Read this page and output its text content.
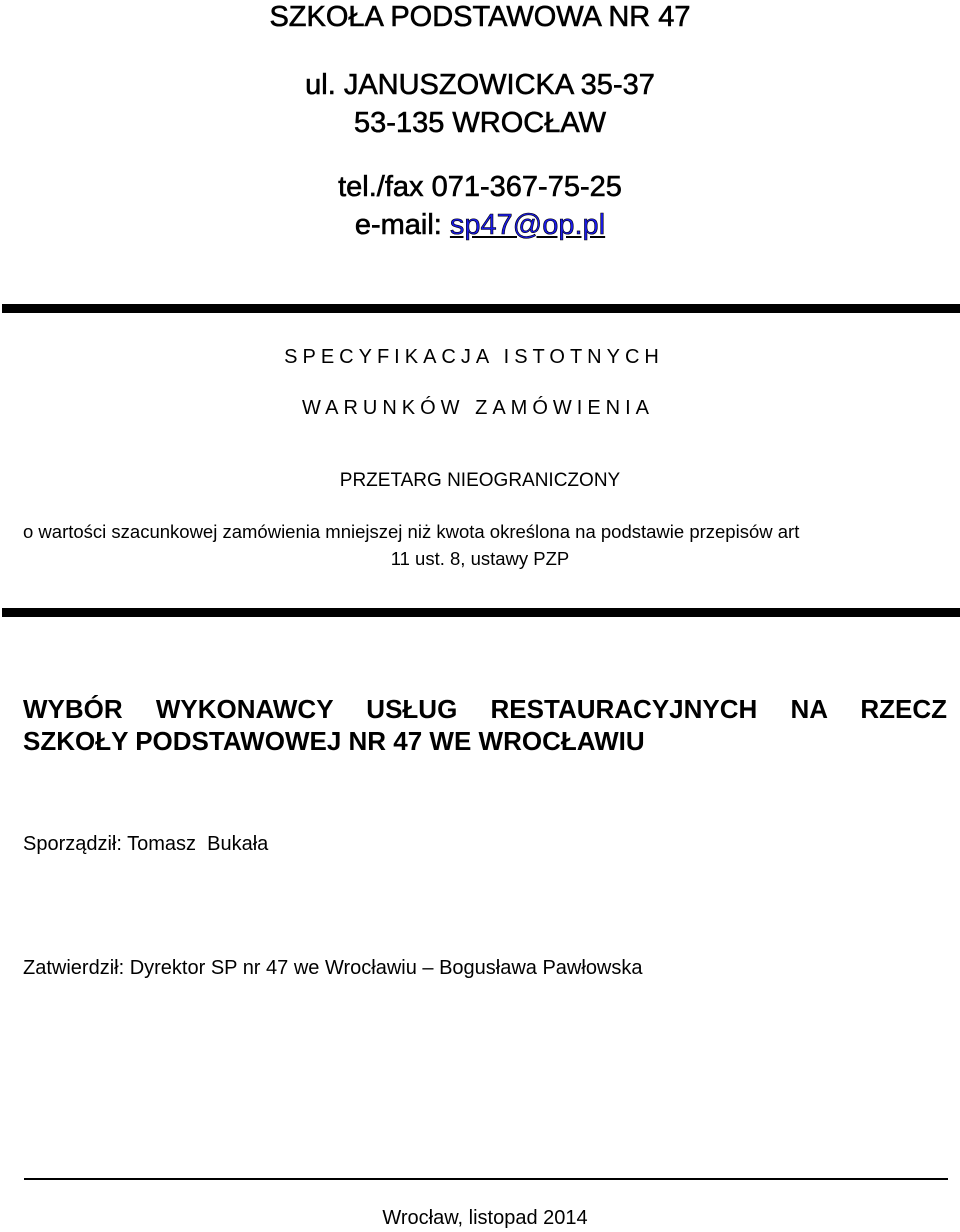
SZKOŁA PODSTAWOWA NR 47
ul. JANUSZOWICKA 35-37
53-135 WROCŁAW
tel./fax 071-367-75-25
e-mail: sp47@op.pl
SPECYFIKACJA ISTOTNYCH
WARUNKÓW ZAMÓWIENIA
PRZETARG NIEOGRANICZONY
o wartości szacunkowej zamówienia mniejszej niż kwota określona na podstawie przepisów art
11 ust. 8, ustawy PZP
WYBÓR WYKONAWCY USŁUG RESTAURACYJNYCH NA RZECZ
SZKOŁY PODSTAWOWEJ NR 47 WE WROCŁAWIU
Sporządził: Tomasz  Bukała
Zatwierdził: Dyrektor SP nr 47 we Wrocławiu – Bogusława Pawłowska
Wrocław, listopad 2014
